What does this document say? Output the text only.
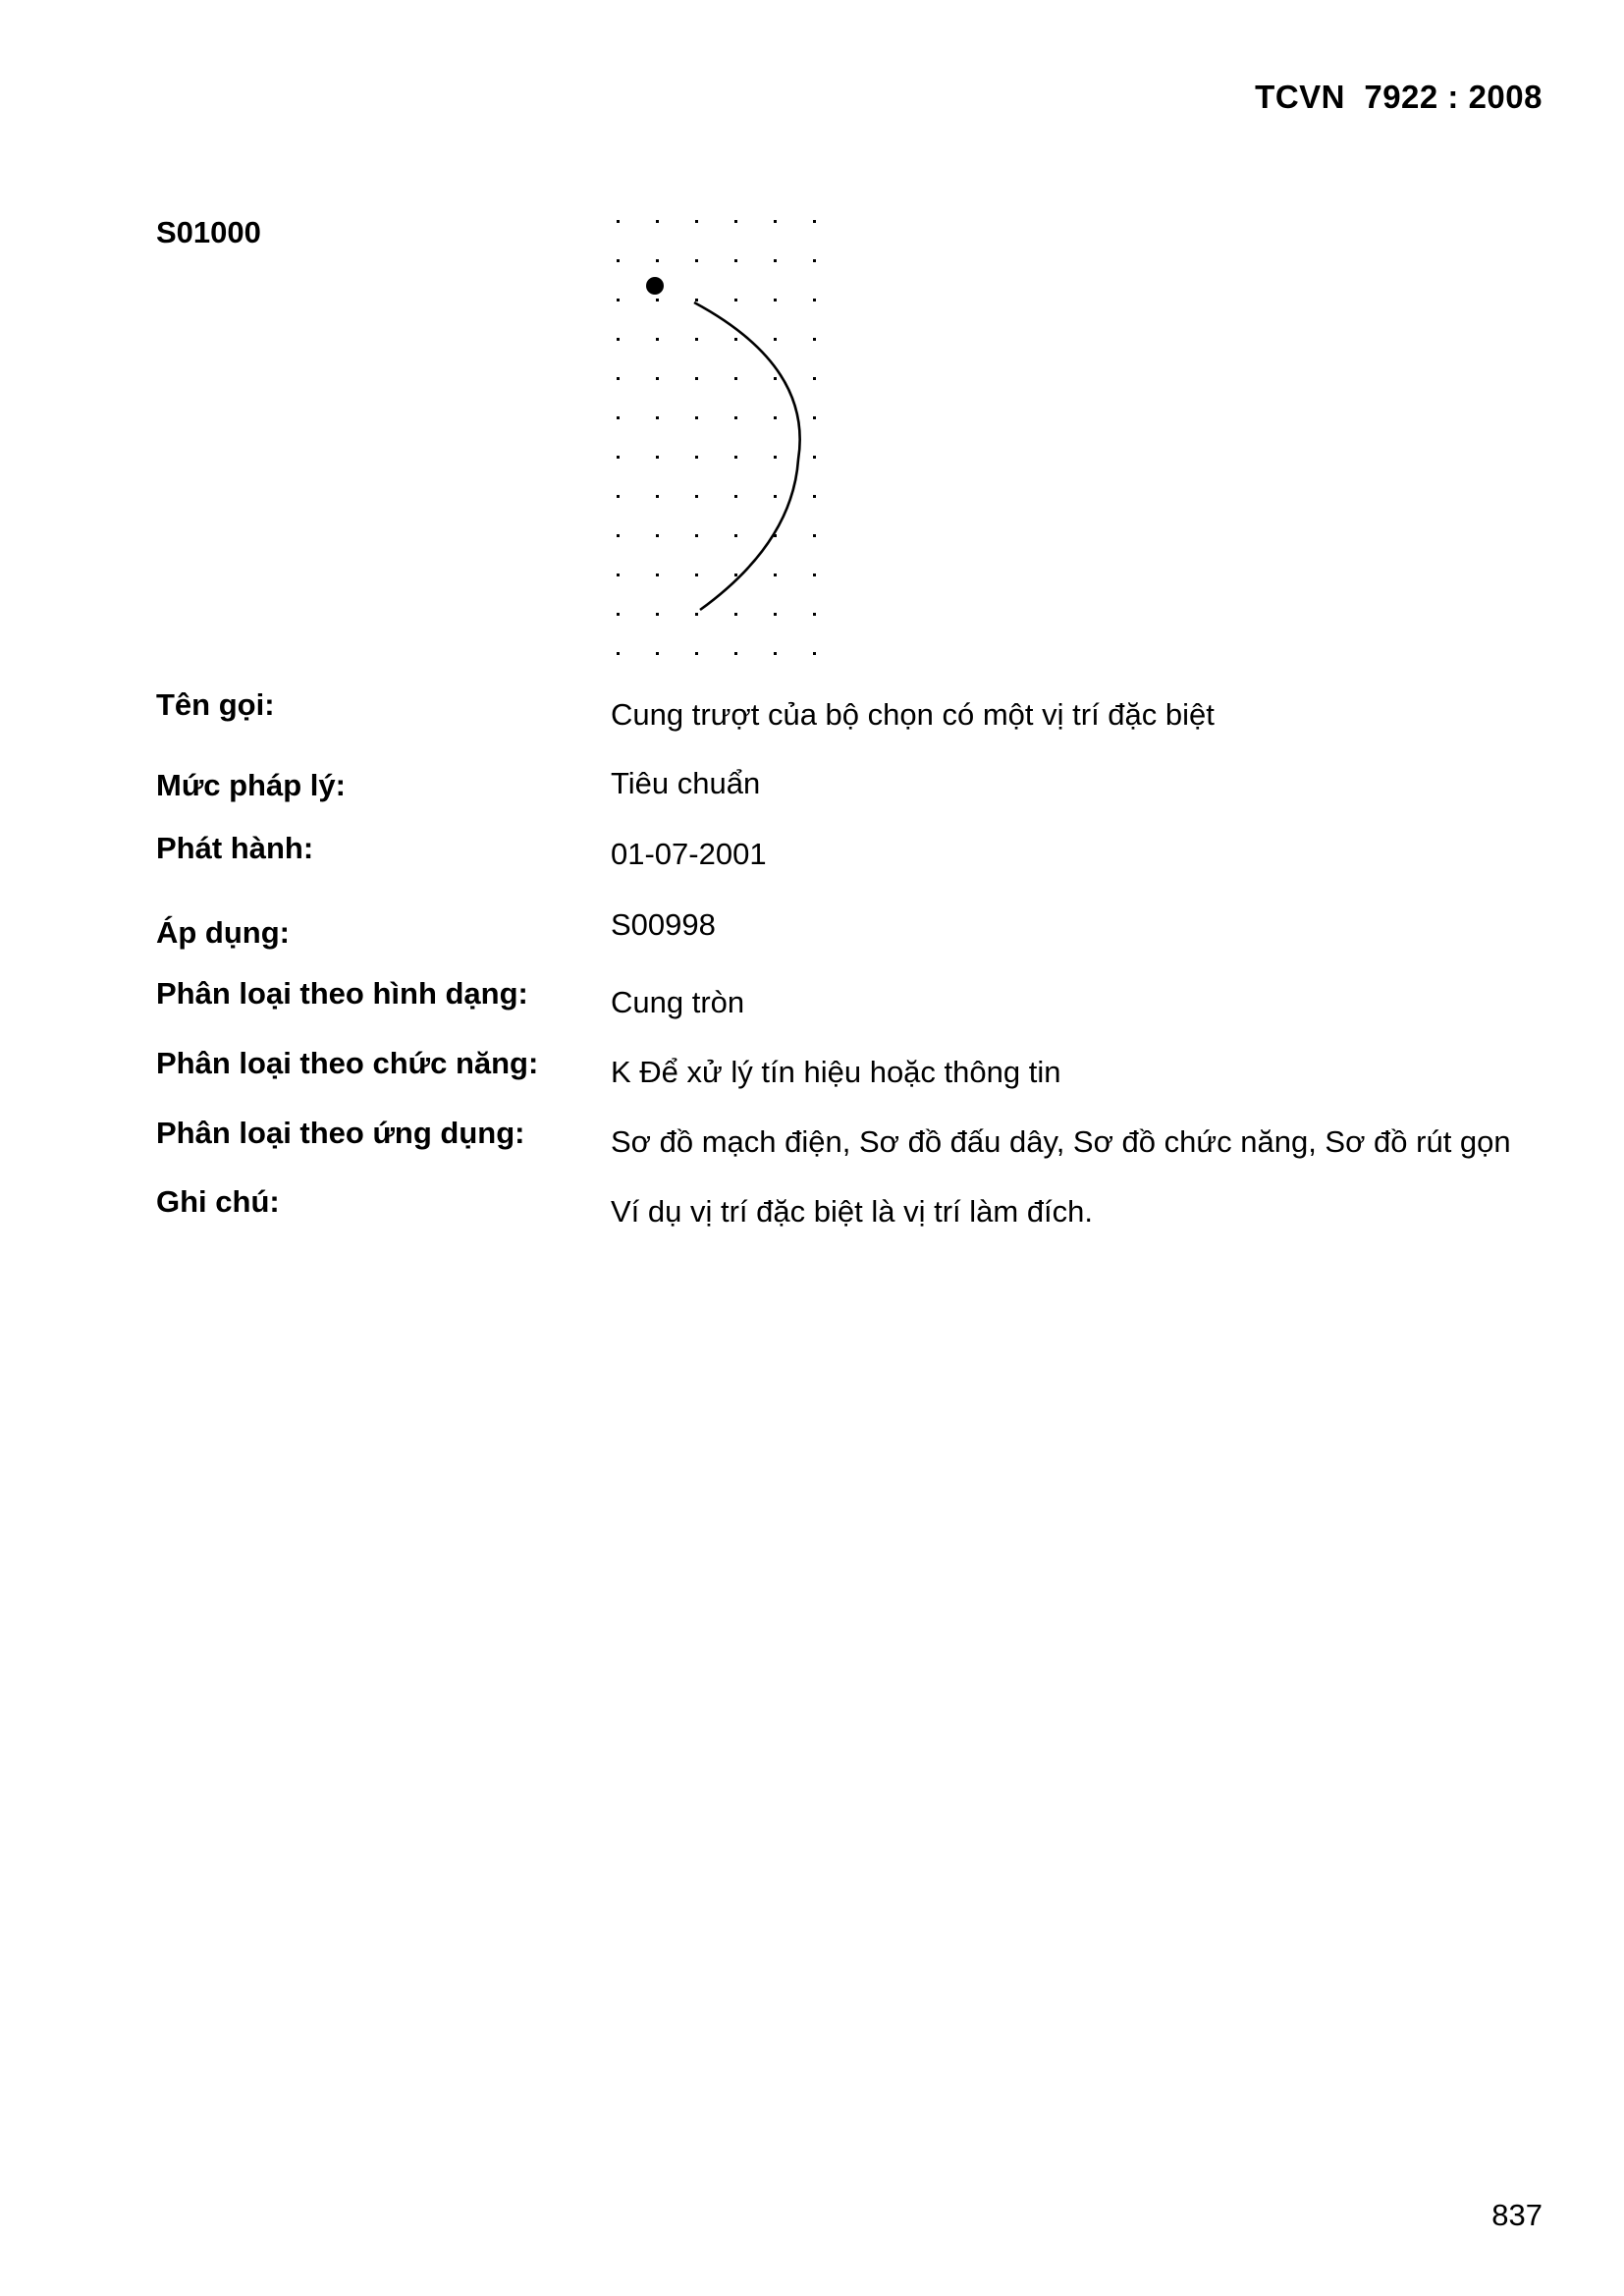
TCVN  7922 : 2008
S01000
Tên gọi:	Cung trượt của bộ chọn có một vị trí đặc biệt
Mức pháp lý:	Tiêu chuẩn
Phát hành:	01-07-2001
Áp dụng:	S00998
Phân loại theo hình dạng:	Cung tròn
Phân loại theo chức năng: K Để xử lý tín hiệu hoặc thông tin
Phân loại theo ứng dụng:	Sơ đồ mạch điện, Sơ đồ đấu dây, Sơ đồ chức năng, Sơ đồ rút gọn
Ghi chú:	Ví dụ vị trí đặc biệt là vị trí làm đích.
837
